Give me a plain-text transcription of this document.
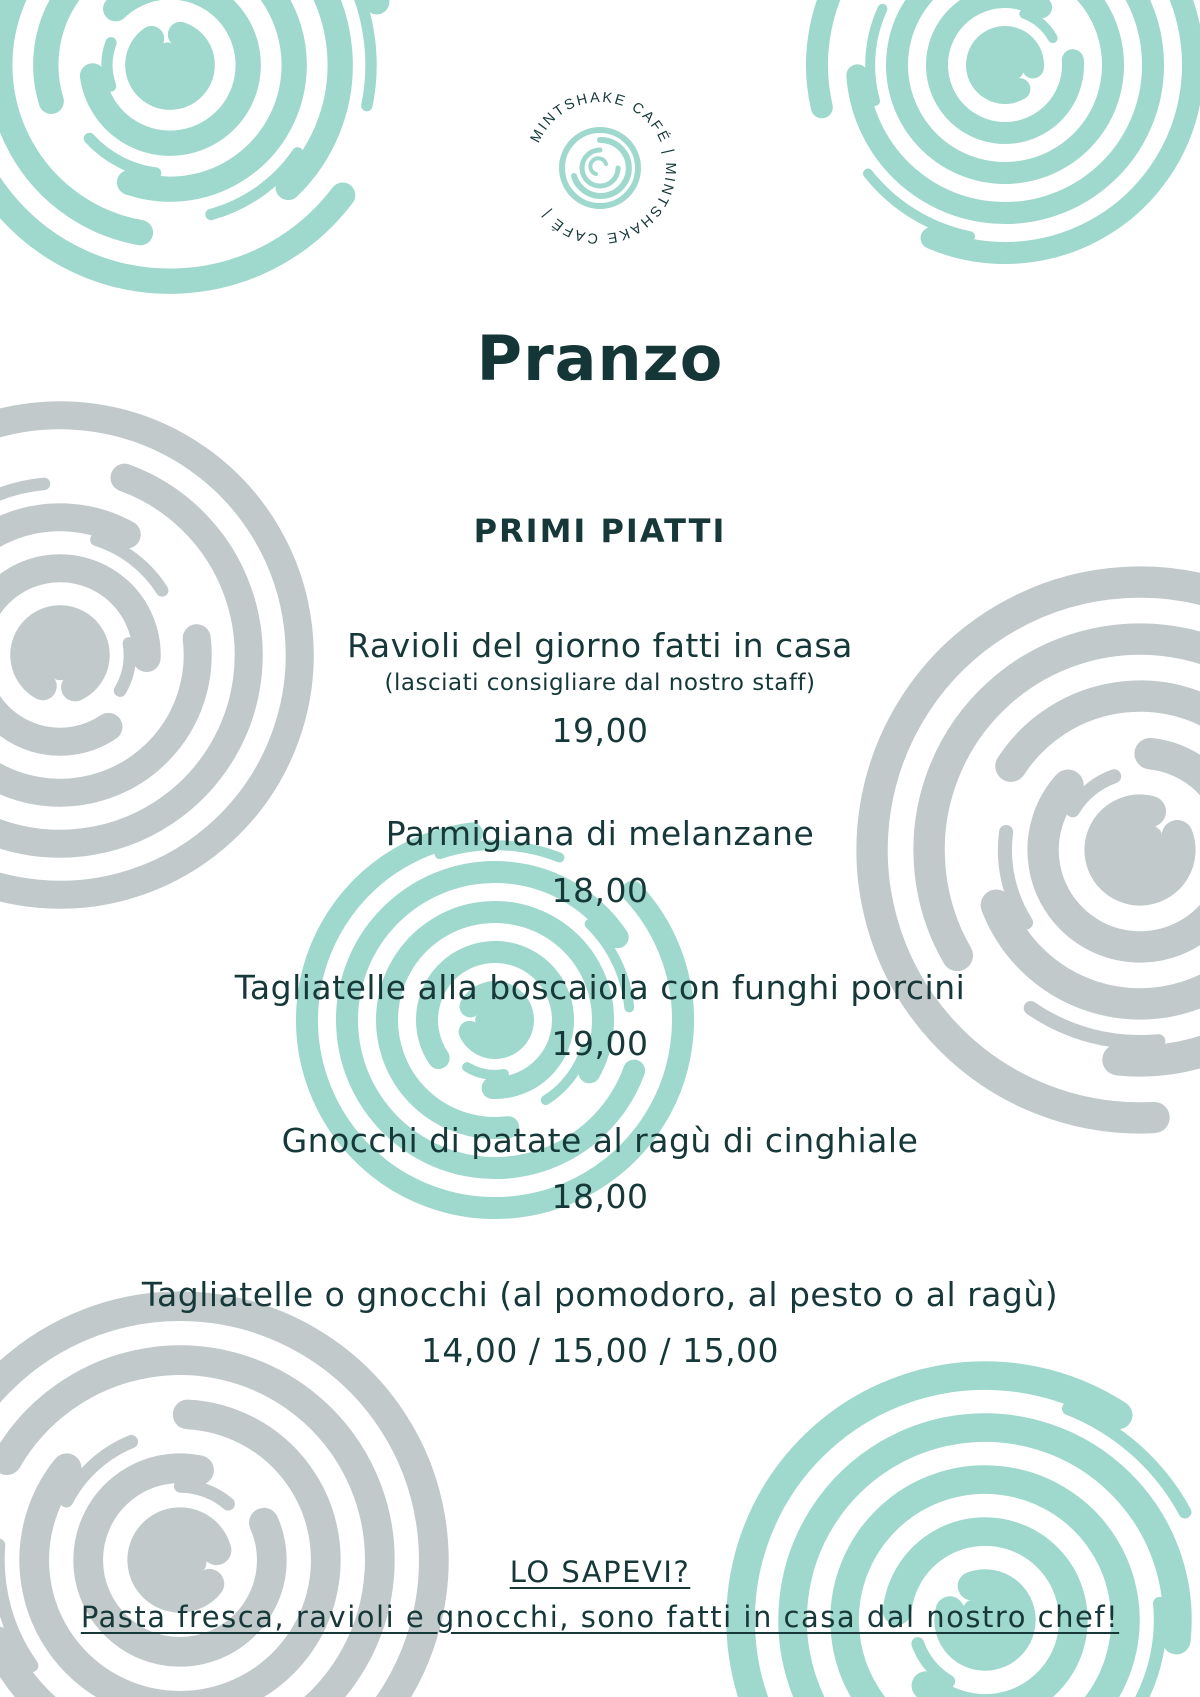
MINTSHAKE CAFÉ | MINTSHAKE CAFÉ |
Pranzo
PRIMI PIATTI
Ravioli del giorno fatti in casa
(lasciati consigliare dal nostro staff)
19,00
Parmigiana di melanzane
18,00
Tagliatelle alla boscaiola con funghi porcini
19,00
Gnocchi di patate al ragù di cinghiale
18,00
Tagliatelle o gnocchi (al pomodoro, al pesto o al ragù)
14,00 / 15,00 / 15,00
LO SAPEVI?
Pasta fresca, ravioli e gnocchi, sono fatti in casa dal nostro chef!
